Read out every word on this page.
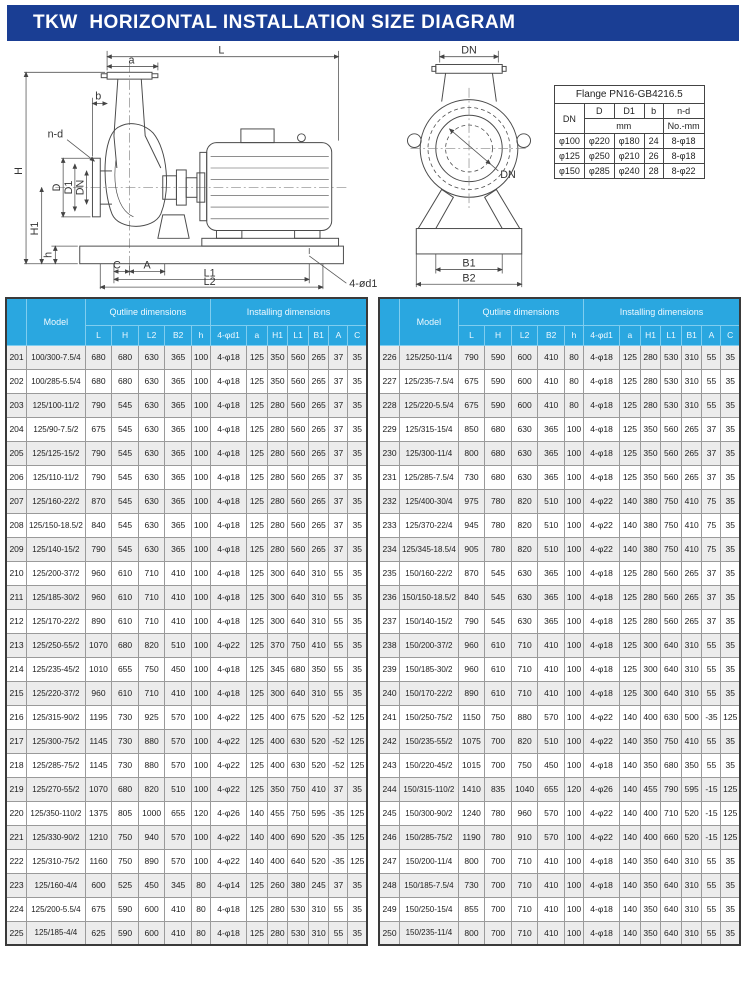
TKW  HORIZONTAL INSTALLATION SIZE DIAGRAM
L
a
b
n-d
H
H1
h
D D1 DN
C A
L1
L2	4-ød1
DN
DN
B1
B2
Flange PN16-GB4216.5				
DN	D	D1	b	n-d
	mm			No.-mm
φ100	φ220	φ180	24	8-φ18
φ125	φ250	φ210	26	8-φ18
φ150	φ285	φ240	28	8-φ22
	Model	Qutline dimensions					Installing dimensions						
		L	H	L2	B2	h	4-φd1	a	H1	L1	B1	A	C
201	100/300-7.5/4	680	680	630	365	100	4-φ18	125	350	560	265	37	35
202	100/285-5.5/4	680	680	630	365	100	4-φ18	125	350	560	265	37	35
203	125/100-11/2	790	545	630	365	100	4-φ18	125	280	560	265	37	35
204	125/90-7.5/2	675	545	630	365	100	4-φ18	125	280	560	265	37	35
205	125/125-15/2	790	545	630	365	100	4-φ18	125	280	560	265	37	35
206	125/110-11/2	790	545	630	365	100	4-φ18	125	280	560	265	37	35
207	125/160-22/2	870	545	630	365	100	4-φ18	125	280	560	265	37	35
208	125/150-18.5/2	840	545	630	365	100	4-φ18	125	280	560	265	37	35
209	125/140-15/2	790	545	630	365	100	4-φ18	125	280	560	265	37	35
210	125/200-37/2	960	610	710	410	100	4-φ18	125	300	640	310	55	35
211	125/185-30/2	960	610	710	410	100	4-φ18	125	300	640	310	55	35
212	125/170-22/2	890	610	710	410	100	4-φ18	125	300	640	310	55	35
213	125/250-55/2	1070	680	820	510	100	4-φ22	125	370	750	410	55	35
214	125/235-45/2	1010	655	750	450	100	4-φ18	125	345	680	350	55	35
215	125/220-37/2	960	610	710	410	100	4-φ18	125	300	640	310	55	35
216	125/315-90/2	1195	730	925	570	100	4-φ22	125	400	675	520	-52	125
217	125/300-75/2	1145	730	880	570	100	4-φ22	125	400	630	520	-52	125
218	125/285-75/2	1145	730	880	570	100	4-φ22	125	400	630	520	-52	125
219	125/270-55/2	1070	680	820	510	100	4-φ22	125	350	750	410	37	35
220	125/350-110/2	1375	805	1000	655	120	4-φ26	140	455	750	595	-35	125
221	125/330-90/2	1210	750	940	570	100	4-φ22	140	400	690	520	-35	125
222	125/310-75/2	1160	750	890	570	100	4-φ22	140	400	640	520	-35	125
223	125/160-4/4	600	525	450	345	80	4-φ14	125	260	380	245	37	35
224	125/200-5.5/4	675	590	600	410	80	4-φ18	125	280	530	310	55	35
225	125/185-4/4	625	590	600	410	80	4-φ18	125	280	530	310	55	35
	Model	Qutline dimensions					Installing dimensions						
		L	H	L2	B2	h	4-φd1	a	H1	L1	B1	A	C
226	125/250-11/4	790	590	600	410	80	4-φ18	125	280	530	310	55	35
227	125/235-7.5/4	675	590	600	410	80	4-φ18	125	280	530	310	55	35
228	125/220-5.5/4	675	590	600	410	80	4-φ18	125	280	530	310	55	35
229	125/315-15/4	850	680	630	365	100	4-φ18	125	350	560	265	37	35
230	125/300-11/4	800	680	630	365	100	4-φ18	125	350	560	265	37	35
231	125/285-7.5/4	730	680	630	365	100	4-φ18	125	350	560	265	37	35
232	125/400-30/4	975	780	820	510	100	4-φ22	140	380	750	410	75	35
233	125/370-22/4	945	780	820	510	100	4-φ22	140	380	750	410	75	35
234	125/345-18.5/4	905	780	820	510	100	4-φ22	140	380	750	410	75	35
235	150/160-22/2	870	545	630	365	100	4-φ18	125	280	560	265	37	35
236	150/150-18.5/2	840	545	630	365	100	4-φ18	125	280	560	265	37	35
237	150/140-15/2	790	545	630	365	100	4-φ18	125	280	560	265	37	35
238	150/200-37/2	960	610	710	410	100	4-φ18	125	300	640	310	55	35
239	150/185-30/2	960	610	710	410	100	4-φ18	125	300	640	310	55	35
240	150/170-22/2	890	610	710	410	100	4-φ18	125	300	640	310	55	35
241	150/250-75/2	1150	750	880	570	100	4-φ22	140	400	630	500	-35	125
242	150/235-55/2	1075	700	820	510	100	4-φ22	140	350	750	410	55	35
243	150/220-45/2	1015	700	750	450	100	4-φ18	140	350	680	350	55	35
244	150/315-110/2	1410	835	1040	655	120	4-φ26	140	455	790	595	-15	125
245	150/300-90/2	1240	780	960	570	100	4-φ22	140	400	710	520	-15	125
246	150/285-75/2	1190	780	910	570	100	4-φ22	140	400	660	520	-15	125
247	150/200-11/4	800	700	710	410	100	4-φ18	140	350	640	310	55	35
248	150/185-7.5/4	730	700	710	410	100	4-φ18	140	350	640	310	55	35
249	150/250-15/4	855	700	710	410	100	4-φ18	140	350	640	310	55	35
250	150/235-11/4	800	700	710	410	100	4-φ18	140	350	640	310	55	35
